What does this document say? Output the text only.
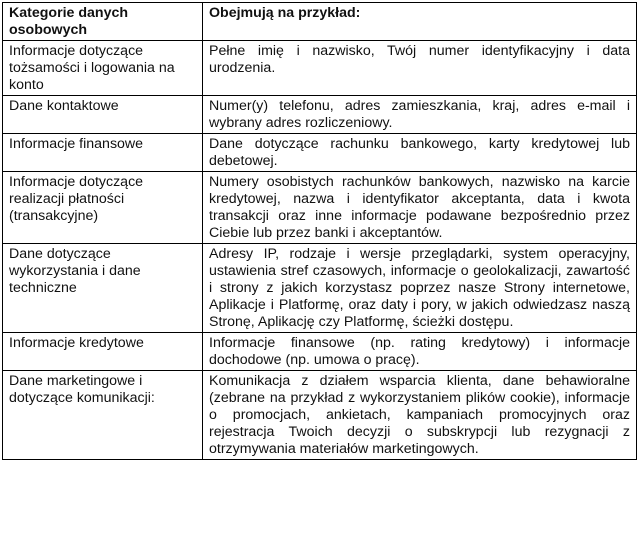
Kategorie danych osobowych	Obejmują na przykład:

Informacje dotyczące tożsamości i logowania na konto	Pełne imię i nazwisko, Twój numer identyfikacyjny i data urodzenia.

Dane kontaktowe	Numer(y) telefonu, adres zamieszkania, kraj, adres e-mail i wybrany adres rozliczeniowy.

Informacje finansowe	Dane dotyczące rachunku bankowego, karty kredytowej lub debetowej.

Informacje dotyczące realizacji płatności (transakcyjne)	Numery osobistych rachunków bankowych, nazwisko na karcie kredytowej, nazwa i identyfikator akceptanta, data i kwota transakcji oraz inne informacje podawane bezpośrednio przez Ciebie lub przez banki i akceptantów.

Dane dotyczące wykorzystania i dane techniczne	Adresy IP, rodzaje i wersje przeglądarki, system operacyjny, ustawienia stref czasowych, informacje o geolokalizacji, zawartość i strony z jakich korzystasz poprzez nasze Strony internetowe, Aplikacje i Platformę, oraz daty i pory, w jakich odwiedzasz naszą Stronę, Aplikację czy Platformę, ścieżki dostępu.

Informacje kredytowe	Informacje finansowe (np. rating kredytowy) i informacje dochodowe (np. umowa o pracę).

Dane marketingowe i dotyczące komunikacji:	Komunikacja z działem wsparcia klienta, dane behawioralne (zebrane na przykład z wykorzystaniem plików cookie), informacje o promocjach, ankietach, kampaniach promocyjnych oraz rejestracja Twoich decyzji o subskrypcji lub rezygnacji z otrzymywania materiałów marketingowych.
